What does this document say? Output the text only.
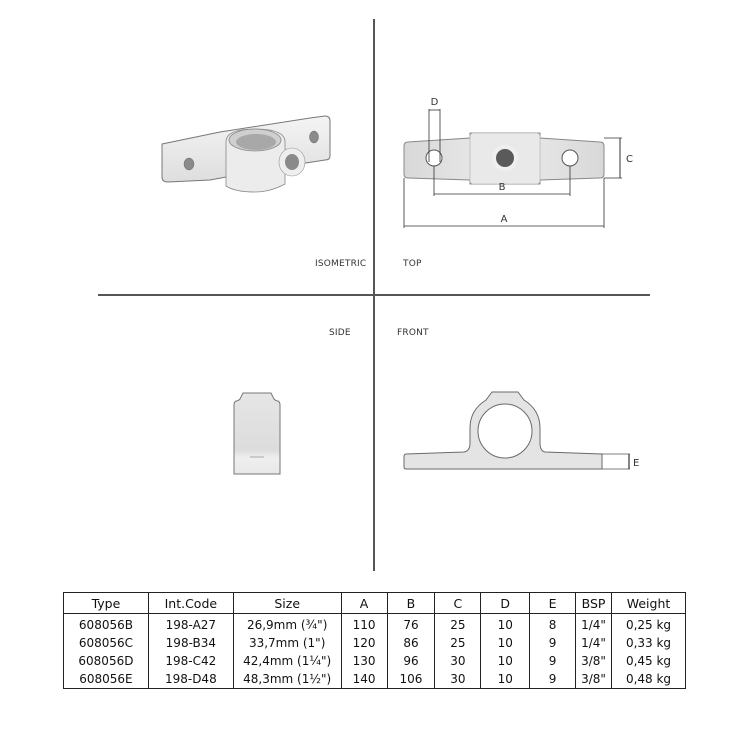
ISOMETRIC
D
B
A
C
TOP
SIDE	FRONT
E
Type	Int.Code	Size	A	B	C	D	E	BSP	Weight
608056B	198-A27	26,9mm (¾")	110	76	25	10	8	1/4"	0,25 kg
608056C	198-B34	33,7mm (1")	120	86	25	10	9	1/4"	0,33 kg
608056D	198-C42	42,4mm (1¼")	130	96	30	10	9	3/8"	0,45 kg
608056E	198-D48	48,3mm (1½")	140	106	30	10	9	3/8"	0,48 kg
